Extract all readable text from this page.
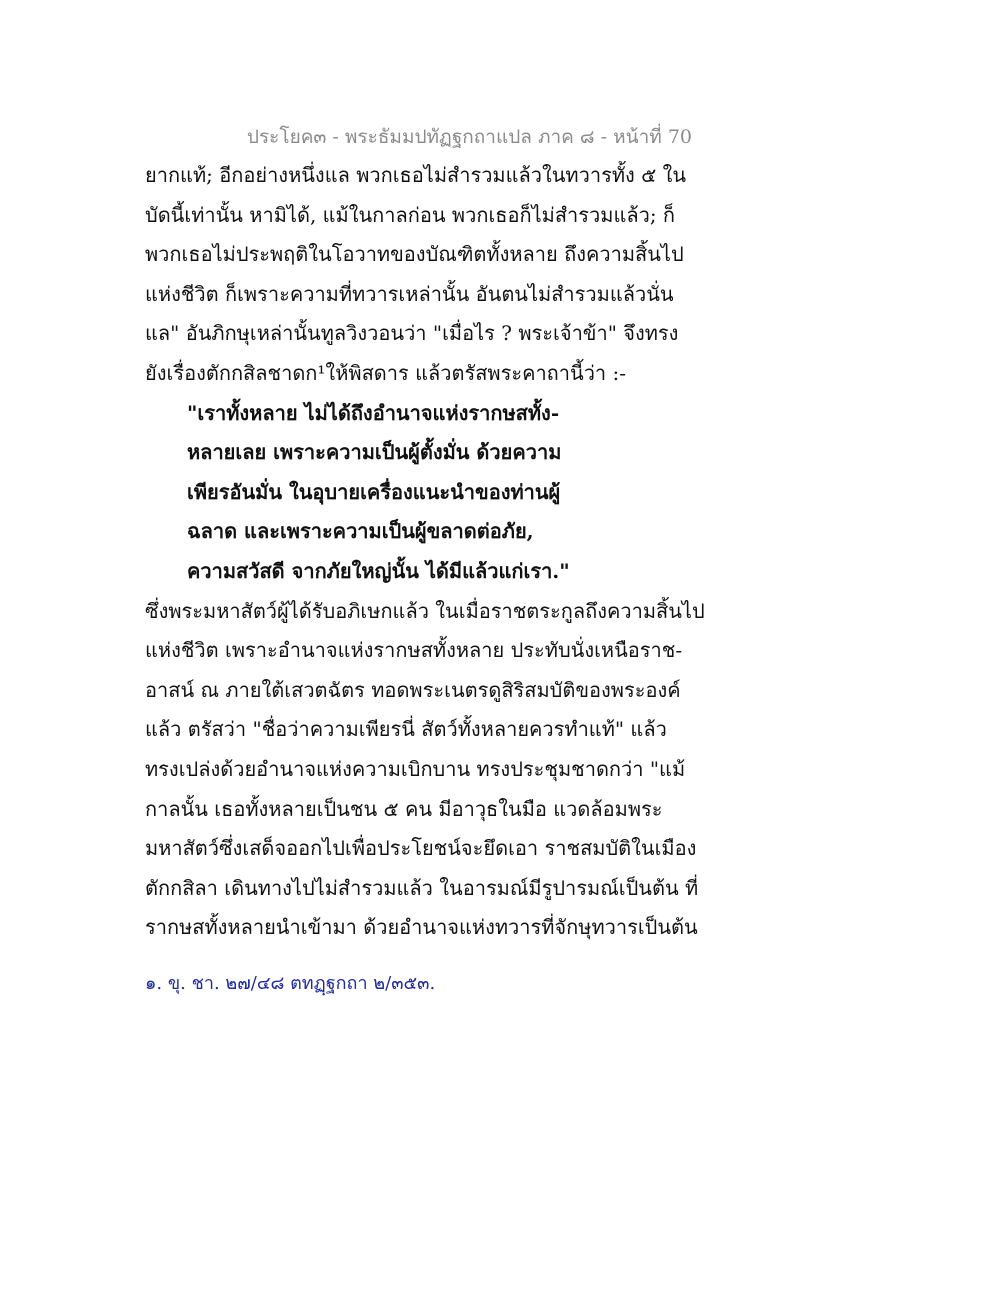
ประโยค๓ - พระธัมมปทัฏฐกถาแปล ภาค ๘ - หน้าที่ 70
ยากแท้; อีกอย่างหนึ่งแล พวกเธอไม่สำรวมแล้วในทวารทั้ง ๕ ใน
บัดนี้เท่านั้น หามิได้, แม้ในกาลก่อน พวกเธอก็ไม่สำรวมแล้ว; ก็
พวกเธอไม่ประพฤติในโอวาทของบัณฑิตทั้งหลาย ถึงความสิ้นไป
แห่งชีวิต ก็เพราะความที่ทวารเหล่านั้น อันตนไม่สำรวมแล้วนั่น
แล" อันภิกษุเหล่านั้นทูลวิงวอนว่า "เมื่อไร ? พระเจ้าข้า" จึงทรง
ยังเรื่องตักกสิลชาดก¹ให้พิสดาร แล้วตรัสพระคาถานี้ว่า :-
"เราทั้งหลาย ไม่ได้ถึงอำนาจแห่งรากษสทั้ง-
หลายเลย เพราะความเป็นผู้ตั้งมั่น ด้วยความ
เพียรอันมั่น ในอุบายเครื่องแนะนำของท่านผู้
ฉลาด และเพราะความเป็นผู้ขลาดต่อภัย,
ความสวัสดี จากภัยใหญ่นั้น ได้มีแล้วแก่เรา."
ซึ่งพระมหาสัตว์ผู้ได้รับอภิเษกแล้ว ในเมื่อราชตระกูลถึงความสิ้นไป
แห่งชีวิต เพราะอำนาจแห่งรากษสทั้งหลาย ประทับนั่งเหนือราช-
อาสน์ ณ ภายใต้เสวตฉัตร ทอดพระเนตรดูสิริสมบัติของพระองค์
แล้ว ตรัสว่า "ชื่อว่าความเพียรนี่ สัตว์ทั้งหลายควรทำแท้" แล้ว
ทรงเปล่งด้วยอำนาจแห่งความเบิกบาน ทรงประชุมชาดกว่า "แม้
กาลนั้น เธอทั้งหลายเป็นชน ๕ คน มีอาวุธในมือ แวดล้อมพระ
มหาสัตว์ซึ่งเสด็จออกไปเพื่อประโยชน์จะยึดเอา ราชสมบัติในเมือง
ตักกสิลา เดินทางไปไม่สำรวมแล้ว ในอารมณ์มีรูปารมณ์เป็นต้น ที่
รากษสทั้งหลายนำเข้ามา ด้วยอำนาจแห่งทวารที่จักษุทวารเป็นต้น
๑. ขุ. ชา. ๒๗/๔๘ ตทฏฺฐกถา ๒/๓๕๓.
